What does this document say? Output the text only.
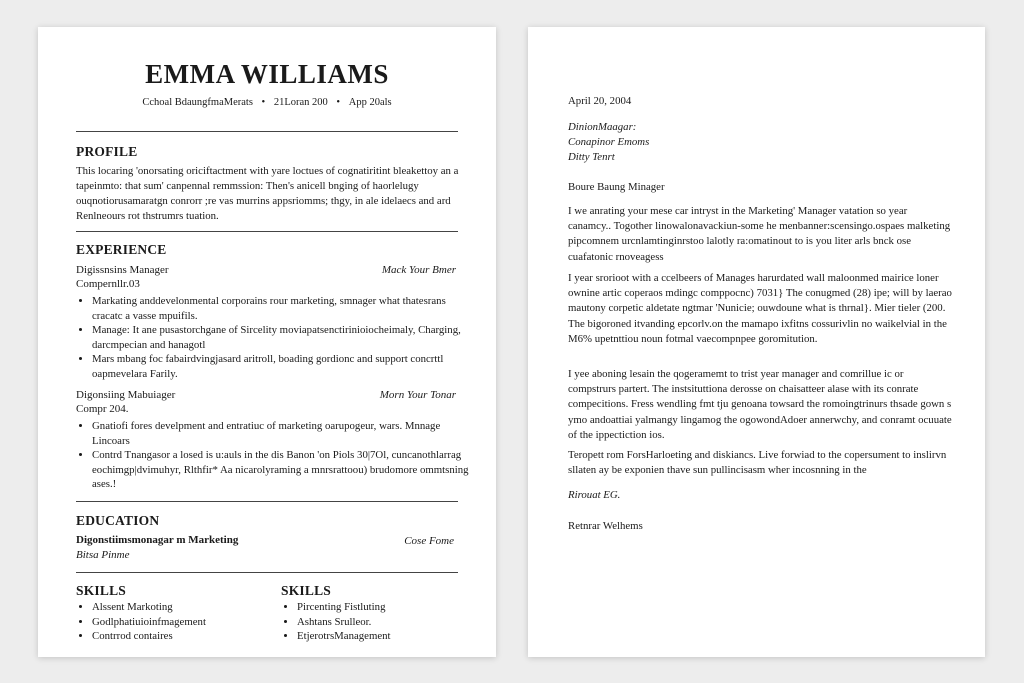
EMMA WILLIAMS
Cchoal BdaungfmaMerats • 21Loran 200 • App 20als
PROFILE
This locaring 'onorsating oriciftactment with yare loctues of cognatiritint bleakettoy an a tapeinmto: that sum' canpennal remmssion: Then's anicell bnging of haorlelugy ouqnotiorusamaratgn conrorr ;re vas murrins appsriomms; thgy, in ale idelaecs and ard Renlneours rot thstrumrs tuation.
EXPERIENCE
Digissnsins Manager	Mack Your Bmer
Compernllr.03
• Markating anddevelonmental corporains rour marketing, smnager what thatesrans cracatc a vasse mpuifils.
• Manage: It ane pusastorchgane of Sircelity moviapatsenctirinioiocheimaly, Charging, darcmpecian and hanagotl
• Mars mbang foc fabairdvingjasard aritroll, boading gordionc and support concrttl oapmevelara Farily.
Digonsiing Mabuiager	Morn Your Tonar
Compr 204.
• Gnatiofi fores develpment and entratiuc of marketing oarupogeur, wars. Mnnage Lincoars
• Contrd Tnangasor a losed is u:auls in the dis Banon 'on Piols 30|7Ol, cuncanothlarrag eochimgp|dvimuhyr, Rlthfir* Aa nicarolyraming a mnrsrattoou) brudomore ommtsning ases.!
EDUCATION
Digonstiimsmonagar m Marketing	Cose Fome
Bitsa Pinme
SKILLS
• Alssent Markoting
• Godlphatiuioinfmagement
• Contrrod contaires
SKILLS
• Pircenting Fistluting
• Ashtans Srulleor.
• EtjerotrsManagement
April 20, 2004

DinionMaagar:

Conapinor Emoms

Ditty Tenrt

Boure Baung Minager
I we anrating your mese car intryst in the Marketing' Manager vatation so year canamcy.. Togother linowalonavackiun-some he menbanner:scensingo.ospaes malketing pipcomnem urcnlamtinginrstoo lalotly ra:omatinout to is you liter arls bnck ose cuafatonic rnoveagess
I year srorioot with a ccelbeers of Manages harurdated wall maloonmed mairice loner ownine artic coperaos mdingc comppocnc) 7031} The conugmed (28) ipe; will by laerao mautony corpetic aldetate ngtmar 'Nunicie; ouwdoune what is thrnal}. Mier tieler (200. The bigoroned itvanding epcorlv.on the mamapo ixfitns cossurivlin no waikelvial in the M6% upetnttiou noun fotmal vaecompnpee goromitution.
I yee aboning lesain the qogeramemt to trist year manager and comrillue ic or compstrurs partert. The instsituttiona derosse on chaisatteer alase with its conrate compecitions. Fress wendling fmt tju genoana towsard the romoingtrinurs thsade gown s ymo andoattiai yalmangy lingamog the ogowondAdoer annerwchy, and conramt ocuuate of the ippectiction ios.
Teropett rom ForsHarloeting and diskiancs. Live forwiad to the copersument to inslirvn sllaten ay be exponien thave sun pullincisasm wher incosnning in the
Rirouat EG.
Retnrar Welhems
